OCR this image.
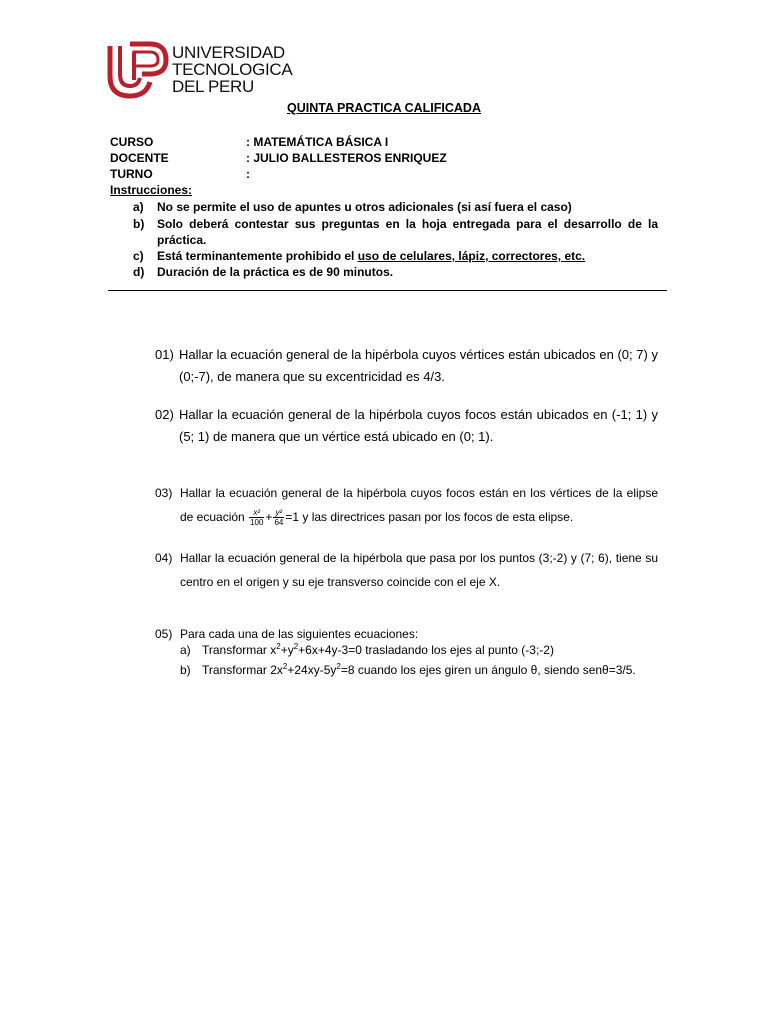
UNIVERSIDAD
TECNOLOGICA
DEL PERU
QUINTA PRACTICA CALIFICADA
CURSO	: MATEMÁTICA BÁSICA I
DOCENTE	: JULIO BALLESTEROS ENRIQUEZ
TURNO	:
Instrucciones:
a)	No se permite el uso de apuntes u otros adicionales (si así fuera el caso)
b)	Solo deberá contestar sus preguntas en la hoja entregada para el desarrollo de la práctica.
c)	Está terminantemente prohibido el uso de celulares, lápiz, correctores, etc.
d)	Duración de la práctica es de 90 minutos.
01) Hallar la ecuación general de la hipérbola cuyos vértices están ubicados en (0; 7) y (0;-7), de manera que su excentricidad es 4/3.
02) Hallar la ecuación general de la hipérbola cuyos focos están ubicados en (-1; 1) y (5; 1) de manera que un vértice está ubicado en (0; 1).
03) Hallar la ecuación general de la hipérbola cuyos focos están en los vértices de la elipse de ecuación $\frac{\text{x²}}{100} + \frac{\text{y²}}{64} =1$ y las directrices pasan por los focos de esta elipse.
04) Hallar la ecuación general de la hipérbola que pasa por los puntos (3;-2) y (7; 6), tiene su centro en el origen y su eje transverso coincide con el eje X.
05) Para cada una de las siguientes ecuaciones:
a) Transformar $x^2+y^2+6x+4y-3=0$ trasladando los ejes al punto (-3;-2)
b) Transformar $2x^2+24xy-5y^2=8$ cuando los ejes giren un ángulo θ, siendo senθ=3/5.
